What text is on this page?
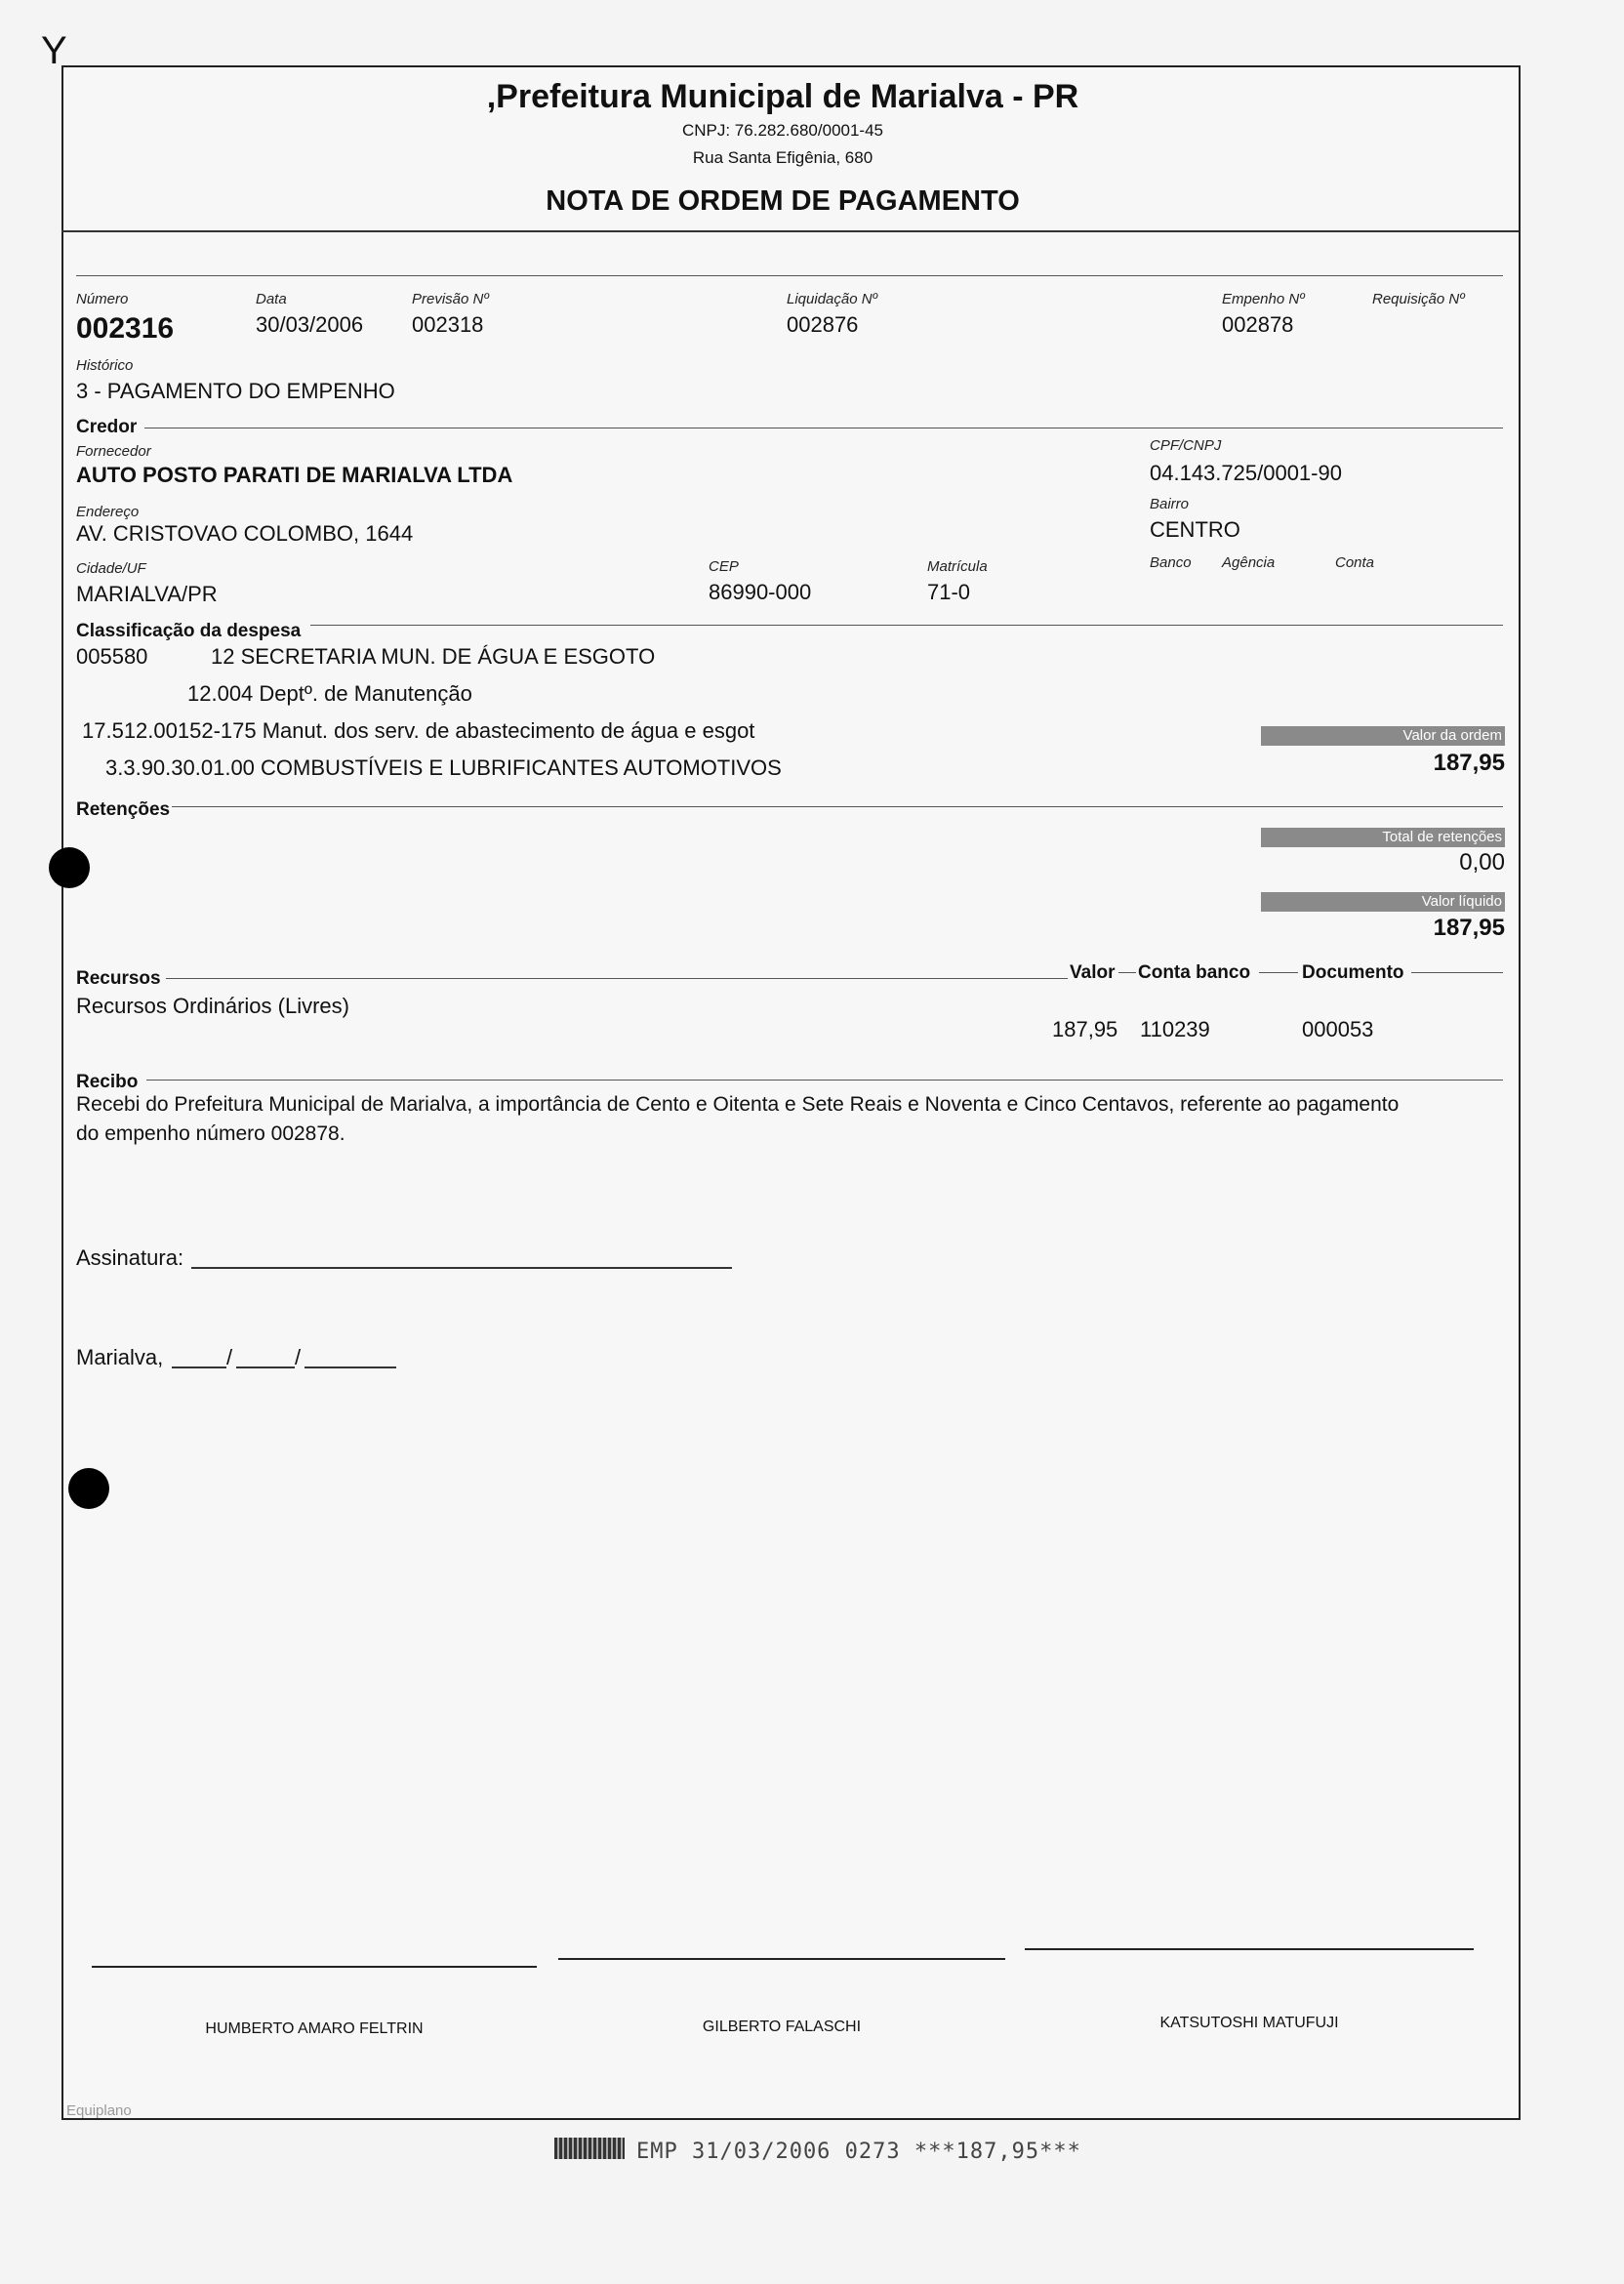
Y
,Prefeitura Municipal de Marialva - PR
CNPJ: 76.282.680/0001-45
Rua Santa Efigênia, 680
NOTA DE ORDEM DE PAGAMENTO
Número
002316
Data
30/03/2006
Previsão Nº
002318
Liquidação Nº
002876
Empenho Nº
002878
Requisição Nº
Histórico
3 - PAGAMENTO DO EMPENHO
Credor
Fornecedor
AUTO POSTO PARATI DE MARIALVA LTDA
CPF/CNPJ
04.143.725/0001-90
Endereço
AV. CRISTOVAO COLOMBO, 1644
Bairro
CENTRO
Cidade/UF
MARIALVA/PR
CEP
86990-000
Matrícula
71-0
Banco Agência	Conta
Classificação da despesa
005580	12 SECRETARIA MUN. DE ÁGUA E ESGOTO
12.004 Deptº. de Manutenção
17.512.00152-175 Manut. dos serv. de abastecimento de água e esgot
3.3.90.30.01.00 COMBUSTÍVEIS E LUBRIFICANTES AUTOMOTIVOS
Valor da ordem
187,95
Retenções
Total de retenções
0,00
Valor líquido
187,95
Recursos	Valor Conta banco	Documento
Recursos Ordinários (Livres)
187,95 110239	000053
Recibo
Recebi do Prefeitura Municipal de Marialva, a importância de Cento e Oitenta e Sete Reais e Noventa e Cinco Centavos, referente ao pagamento
do empenho número 002878.
Assinatura:
Marialva,	/	/
HUMBERTO AMARO FELTRIN	GILBERTO FALASCHI	KATSUTOSHI MATUFUJI
Equiplano
EMP 31/03/2006 0273 ***187,95***
